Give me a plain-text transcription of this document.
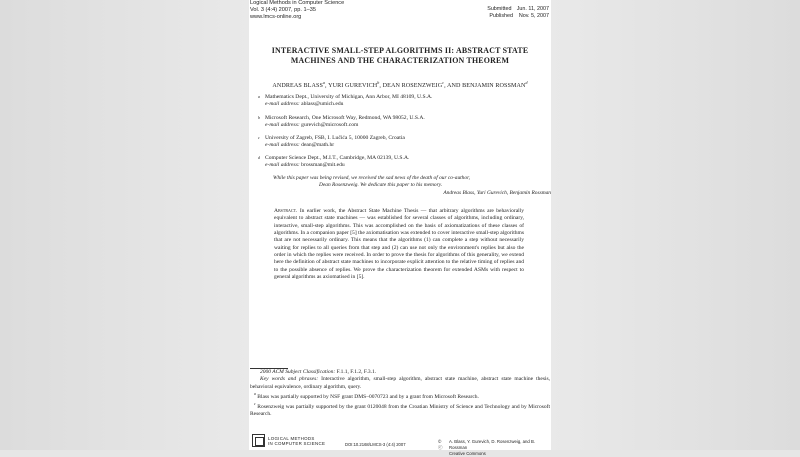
Logical Methods in Computer Science
Vol. 3 (4:4) 2007, pp. 1–35
www.lmcs-online.org
Submitted Jun. 11, 2007
Published Nov. 5, 2007
INTERACTIVE SMALL-STEP ALGORITHMS II: ABSTRACT STATE
MACHINES AND THE CHARACTERIZATION THEOREM
ANDREAS BLASS$^a$, YURI GUREVICH$^b$, DEAN ROSENZWEIG$^c$, AND BENJAMIN ROSSMAN$^d$
a Mathematics Dept., University of Michigan, Ann Arbor, MI 48109, U.S.A.
e-mail address: ablass@umich.edu
b Microsoft Research, One Microsoft Way, Redmond, WA 98052, U.S.A.
e-mail address: gurevich@microsoft.com
c University of Zagreb, FSB, I. Lučića 5, 10000 Zagreb, Croatia
e-mail address: dean@math.hr
d Computer Science Dept., M.I.T., Cambridge, MA 02139, U.S.A.
e-mail address: brossman@mit.edu
While this paper was being revised, we received the sad news of the death of our co-author,
Dean Rosenzweig. We dedicate this paper to his memory.
Andreas Blass, Yuri Gurevich, Benjamin Rossman
Abstract. In earlier work, the Abstract State Machine Thesis — that arbitrary algorithms are behaviorally equivalent to abstract state machines — was established for several classes of algorithms, including ordinary, interactive, small-step algorithms. This was accomplished on the basis of axiomatizations of these classes of algorithms. In a companion paper [5] the axiomatisation was extended to cover interactive small-step algorithms that are not necessarily ordinary. This means that the algorithms (1) can complete a step without necessarily waiting for replies to all queries from that step and (2) can use not only the environment's replies but also the order in which the replies were received. In order to prove the thesis for algorithms of this generality, we extend here the definition of abstract state machines to incorporate explicit attention to the relative timing of replies and to the possible absence of replies. We prove the characterization theorem for extended ASMs with respect to general algorithms as axiomatised in [5].
2000 ACM Subject Classification: F.1.1, F.1.2, F.3.1.
Key words and phrases: Interactive algorithm, small-step algorithm, abstract state machine, abstract state machine thesis, behavioral equivalence, ordinary algorithm, query.
$^a$ Blass was partially supported by NSF grant DMS–0070723 and by a grant from Microsoft Research.
$^c$ Rosenzweig was partially supported by the grant 0120048 from the Croatian Ministry of Science and Technology and by Microsoft Research.
LOGICAL METHODS
IN COMPUTER SCIENCE	DOI:10.2168/LMCS-3 (4:4) 2007
©
ⓒ
A. Blass, Y. Gurevich, D. Rosenzweig, and B. Rossman
Creative Commons
